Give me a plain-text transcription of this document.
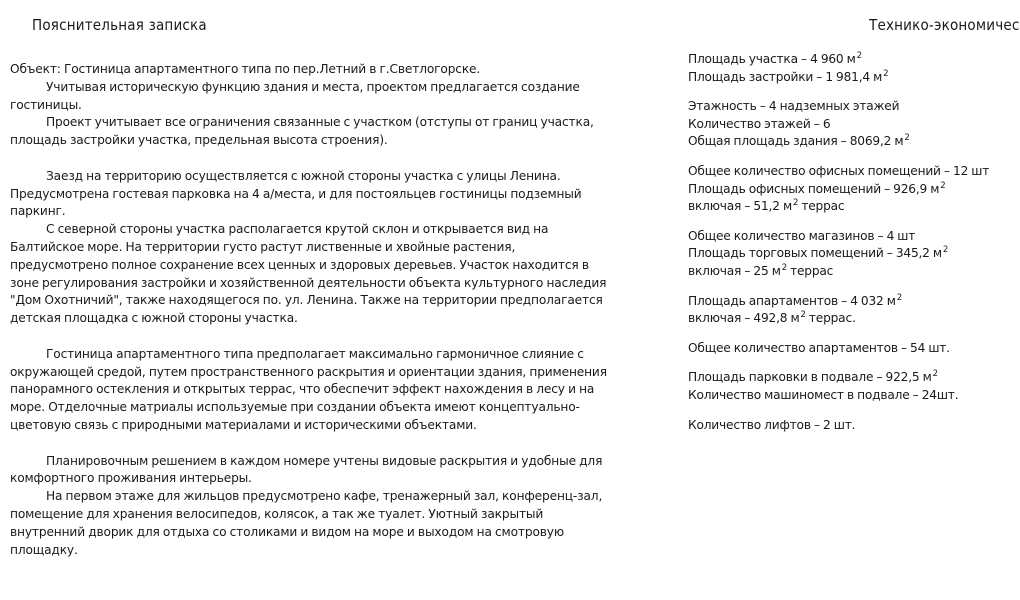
Пояснительная записка

Объект: Гостиница апартаментного типа по пер.Летний в г.Светлогорске.

Учитывая историческую функцию здания и места, проектом предлагается создание гостиницы.

Проект учитывает все ограничения связанные с участком (отступы от границ участка, площадь застройки участка, предельная высота строения).

Заезд на территорию осуществляется с южной стороны участка с улицы Ленина. Предусмотрена гостевая парковка на 4 а/места, и для постояльцев гостиницы подземный паркинг.

С северной стороны участка располагается крутой склон и открывается вид на Балтийское море. На территории густо растут лиственные и хвойные растения, предусмотрено полное сохранение всех ценных и здоровых деревьев. Участок находится в зоне регулирования застройки и хозяйственной деятельности объекта культурного наследия "Дом Охотничий", также находящегося по. ул. Ленина. Также на территории предполагается детская площадка с южной стороны участка.

Гостиница апартаментного типа предполагает максимально гармоничное слияние с окружающей средой, путем пространственного раскрытия и ориентации здания, применения панорамного остекления и открытых террас, что обеспечит эффект нахождения в лесу и на море. Отделочные матриалы используемые при создании объекта имеют концептуально-цветовую связь с природными материалами и историческими объектами.

Планировочным решением в каждом номере учтены видовые раскрытия и удобные для комфортного проживания интерьеры.

На первом этаже для жильцов предусмотрено кафе, тренажерный зал, конференц-зал, помещение для хранения велосипедов, колясок, а так же туалет. Уютный закрытый внутренний дворик для отдыха со столиками и видом на море и выходом на смотровую площадку.

Технико-экономичес
Площадь участка – 4 960 $м^2$
Площадь застройки – 1 981,4 $м^2$
Этажность – 4 надземных этажей
Количество этажей – 6
Общая площадь здания – 8069,2 $м^2$
Общее количество офисных помещений – 12 шт
Площадь офисных помещений – 926,9 $м^2$
включая – 51,2 $м^2$ террас
Общее количество магазинов – 4 шт
Площадь торговых помещений – 345,2 $м^2$
включая – 25 $м^2$ террас
Площадь апартаментов – 4 032 $м^2$
включая – 492,8 $м^2$ террас.
Общее количество апартаментов – 54 шт.
Площадь парковки в подвале – 922,5 $м^2$
Количество машиномест в подвале – 24шт.
Количество лифтов – 2 шт.
